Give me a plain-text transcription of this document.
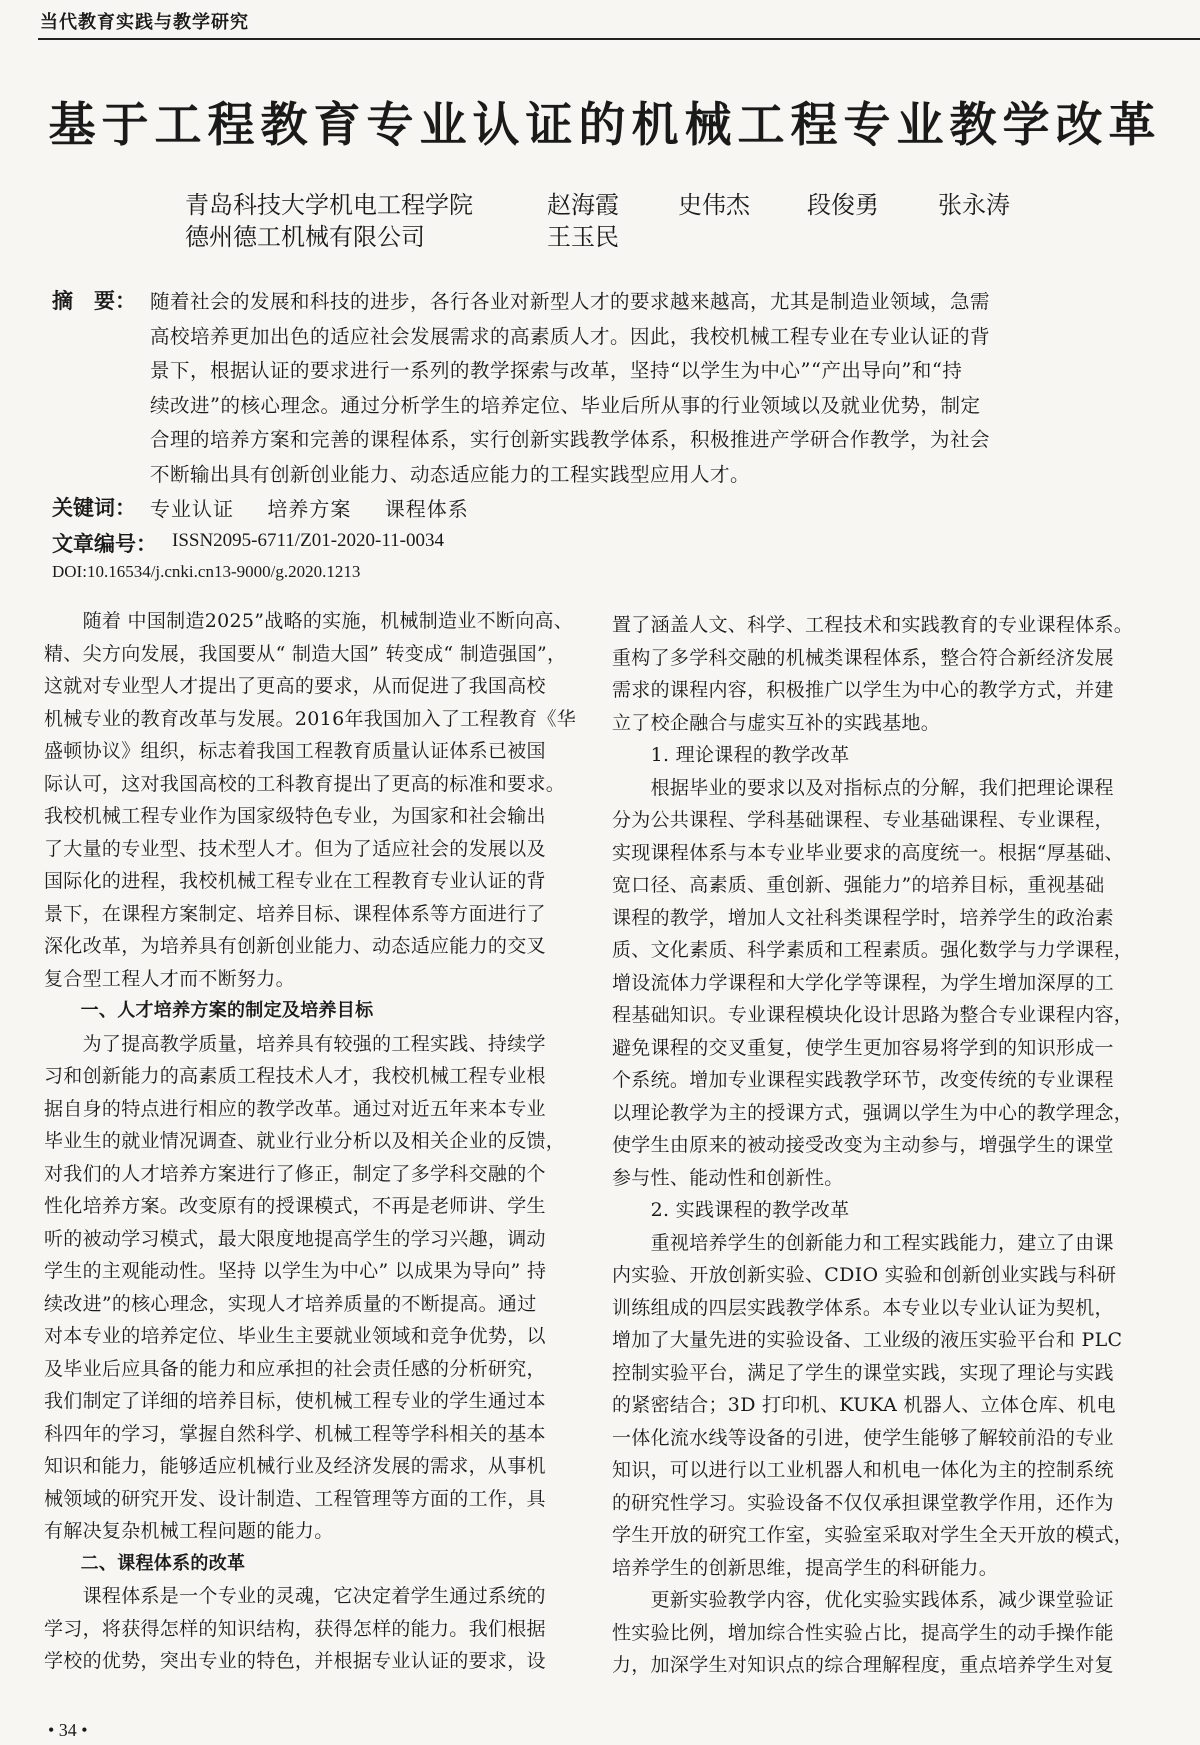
当代教育实践与教学研究
基于工程教育专业认证的机械工程专业教学改革
青岛科技大学机电工程学院
德州德工机械有限公司
赵海霞 史伟杰 段俊勇 张永涛
王玉民
摘　要： 随着社会的发展和科技的进步，各行各业对新型人才的要求越来越高，尤其是制造业领域，急需
高校培养更加出色的适应社会发展需求的高素质人才。因此，我校机械工程专业在专业认证的背
景下，根据认证的要求进行一系列的教学探索与改革，坚持“以学生为中心”“产出导向”和“持
续改进”的核心理念。通过分析学生的培养定位、毕业后所从事的行业领域以及就业优势，制定
合理的培养方案和完善的课程体系，实行创新实践教学体系，积极推进产学研合作教学，为社会
不断输出具有创新创业能力、动态适应能力的工程实践型应用人才。
关键词： 专业认证 培养方案 课程体系
文章编号： ISSN2095-6711/Z01-2020-11-0034
DOI:10.16534/j.cnki.cn13-9000/g.2020.1213
　　随着 中国制造2025”战略的实施，机械制造业不断向高、
精、尖方向发展，我国要从“ 制造大国” 转变成“ 制造强国”，
这就对专业型人才提出了更高的要求，从而促进了我国高校
机械专业的教育改革与发展。2016年我国加入了工程教育《华
盛顿协议》组织，标志着我国工程教育质量认证体系已被国
际认可，这对我国高校的工科教育提出了更高的标准和要求。
我校机械工程专业作为国家级特色专业，为国家和社会输出
了大量的专业型、技术型人才。但为了适应社会的发展以及
国际化的进程，我校机械工程专业在工程教育专业认证的背
景下，在课程方案制定、培养目标、课程体系等方面进行了
深化改革，为培养具有创新创业能力、动态适应能力的交叉
复合型工程人才而不断努力。
　　一、人才培养方案的制定及培养目标
　　为了提高教学质量，培养具有较强的工程实践、持续学
习和创新能力的高素质工程技术人才，我校机械工程专业根
据自身的特点进行相应的教学改革。通过对近五年来本专业
毕业生的就业情况调查、就业行业分析以及相关企业的反馈，
对我们的人才培养方案进行了修正，制定了多学科交融的个
性化培养方案。改变原有的授课模式，不再是老师讲、学生
听的被动学习模式，最大限度地提高学生的学习兴趣，调动
学生的主观能动性。坚持 以学生为中心” 以成果为导向” 持
续改进”的核心理念，实现人才培养质量的不断提高。通过
对本专业的培养定位、毕业生主要就业领域和竞争优势，以
及毕业后应具备的能力和应承担的社会责任感的分析研究，
我们制定了详细的培养目标，使机械工程专业的学生通过本
科四年的学习，掌握自然科学、机械工程等学科相关的基本
知识和能力，能够适应机械行业及经济发展的需求，从事机
械领域的研究开发、设计制造、工程管理等方面的工作，具
有解决复杂机械工程问题的能力。
　　二、课程体系的改革
　　课程体系是一个专业的灵魂，它决定着学生通过系统的
学习，将获得怎样的知识结构，获得怎样的能力。我们根据
学校的优势，突出专业的特色，并根据专业认证的要求，设
置了涵盖人文、科学、工程技术和实践教育的专业课程体系。
重构了多学科交融的机械类课程体系，整合符合新经济发展
需求的课程内容，积极推广以学生为中心的教学方式，并建
立了校企融合与虚实互补的实践基地。
　　1. 理论课程的教学改革
　　根据毕业的要求以及对指标点的分解，我们把理论课程
分为公共课程、学科基础课程、专业基础课程、专业课程，
实现课程体系与本专业毕业要求的高度统一。根据“厚基础、
宽口径、高素质、重创新、强能力”的培养目标，重视基础
课程的教学，增加人文社科类课程学时，培养学生的政治素
质、文化素质、科学素质和工程素质。强化数学与力学课程，
增设流体力学课程和大学化学等课程，为学生增加深厚的工
程基础知识。专业课程模块化设计思路为整合专业课程内容，
避免课程的交叉重复，使学生更加容易将学到的知识形成一
个系统。增加专业课程实践教学环节，改变传统的专业课程
以理论教学为主的授课方式，强调以学生为中心的教学理念，
使学生由原来的被动接受改变为主动参与，增强学生的课堂
参与性、能动性和创新性。
　　2. 实践课程的教学改革
　　重视培养学生的创新能力和工程实践能力，建立了由课
内实验、开放创新实验、CDIO 实验和创新创业实践与科研
训练组成的四层实践教学体系。本专业以专业认证为契机，
增加了大量先进的实验设备、工业级的液压实验平台和 PLC
控制实验平台，满足了学生的课堂实践，实现了理论与实践
的紧密结合；3D 打印机、KUKA 机器人、立体仓库、机电
一体化流水线等设备的引进，使学生能够了解较前沿的专业
知识，可以进行以工业机器人和机电一体化为主的控制系统
的研究性学习。实验设备不仅仅承担课堂教学作用，还作为
学生开放的研究工作室，实验室采取对学生全天开放的模式，
培养学生的创新思维，提高学生的科研能力。
　　更新实验教学内容，优化实验实践体系，减少课堂验证
性实验比例，增加综合性实验占比，提高学生的动手操作能
力，加深学生对知识点的综合理解程度，重点培养学生对复
• 34 •
